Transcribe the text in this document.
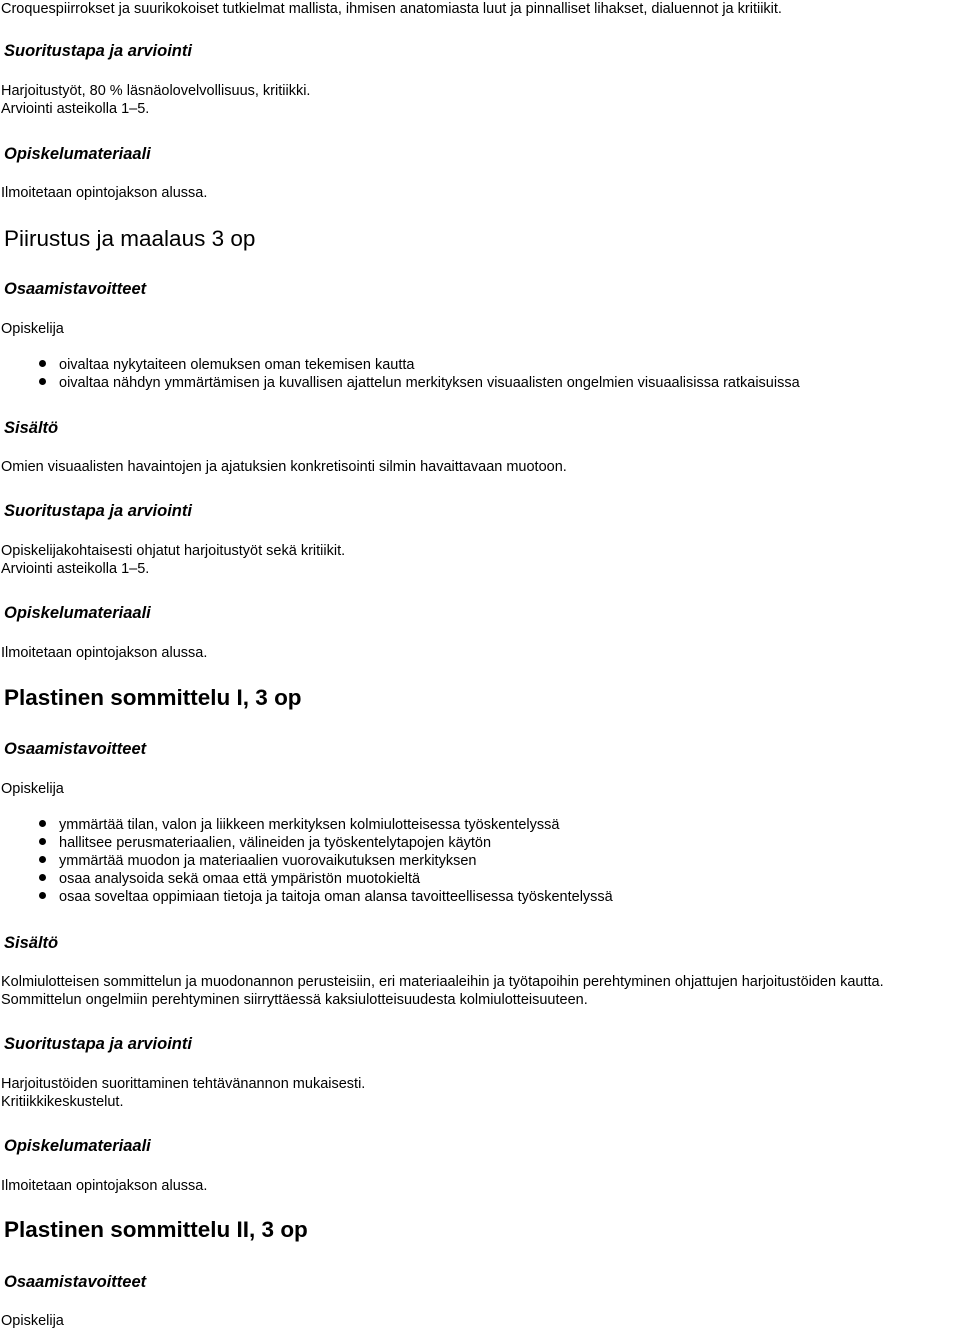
Croquespiirrokset ja suurikokoiset tutkielmat mallista, ihmisen anatomiasta luut ja pinnalliset lihakset, dialuennot ja kritiikit.
Suoritustapa ja arviointi
Harjoitustyöt, 80 % läsnäolovelvollisuus, kritiikki.
Arviointi asteikolla 1–5.
Opiskelumateriaali
Ilmoitetaan opintojakson alussa.
Piirustus ja maalaus 3 op
Osaamistavoitteet
Opiskelija
oivaltaa nykytaiteen olemuksen oman tekemisen kautta
oivaltaa nähdyn ymmärtämisen ja kuvallisen ajattelun merkityksen visuaalisten ongelmien visuaalisissa ratkaisuissa
Sisältö
Omien visuaalisten havaintojen ja ajatuksien konkretisointi silmin havaittavaan muotoon.
Suoritustapa ja arviointi
Opiskelijakohtaisesti ohjatut harjoitustyöt sekä kritiikit.
Arviointi asteikolla 1–5.
Opiskelumateriaali
Ilmoitetaan opintojakson alussa.
Plastinen sommittelu I, 3 op
Osaamistavoitteet
Opiskelija
ymmärtää tilan, valon ja liikkeen merkityksen kolmiulotteisessa työskentelyssä
hallitsee perusmateriaalien, välineiden ja työskentelytapojen käytön
ymmärtää muodon ja materiaalien vuorovaikutuksen merkityksen
osaa analysoida sekä omaa että ympäristön muotokieltä
osaa soveltaa oppimiaan tietoja ja taitoja oman alansa tavoitteellisessa työskentelyssä
Sisältö
Kolmiulotteisen sommittelun ja muodonannon perusteisiin, eri materiaaleihin ja työtapoihin perehtyminen ohjattujen harjoitustöiden kautta.
Sommittelun ongelmiin perehtyminen siirryttäessä kaksiulotteisuudesta kolmiulotteisuuteen.
Suoritustapa ja arviointi
Harjoitustöiden suorittaminen tehtävänannon mukaisesti.
Kritiikkikeskustelut.
Opiskelumateriaali
Ilmoitetaan opintojakson alussa.
Plastinen sommittelu II, 3 op
Osaamistavoitteet
Opiskelija
